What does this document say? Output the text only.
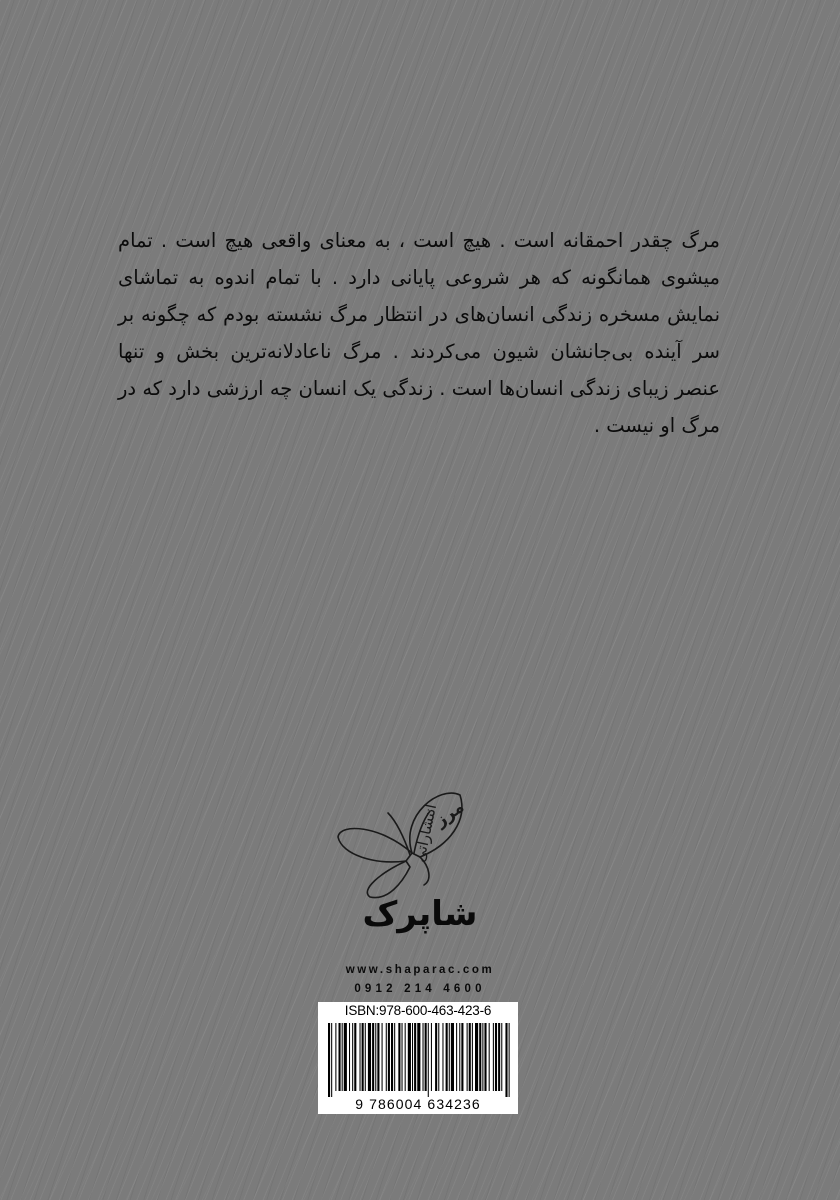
مرگ چقدر احمقانه است . هیچ است ، به معنای واقعی هیچ است . تمام میشوی همانگونه که هر شروعی پایانی دارد . با تمام اندوه به تماشای نمایش مسخره زندگی انسان‌های در انتظار مرگ نشسته بودم که چگونه بر سر آینده بی‌جانشان شیون می‌کردند . مرگ ناعادلانه‌ترین بخش و تنها عنصر زیبای زندگی انسان‌ها است . زندگی یک انسان چه ارزشی دارد که در مرگ او نیست .

مرز
انتشاراتی
شاپرک

www.shaparac.com

0912 214 4600

ISBN:978-600-463-423-6

9 786004 634236
